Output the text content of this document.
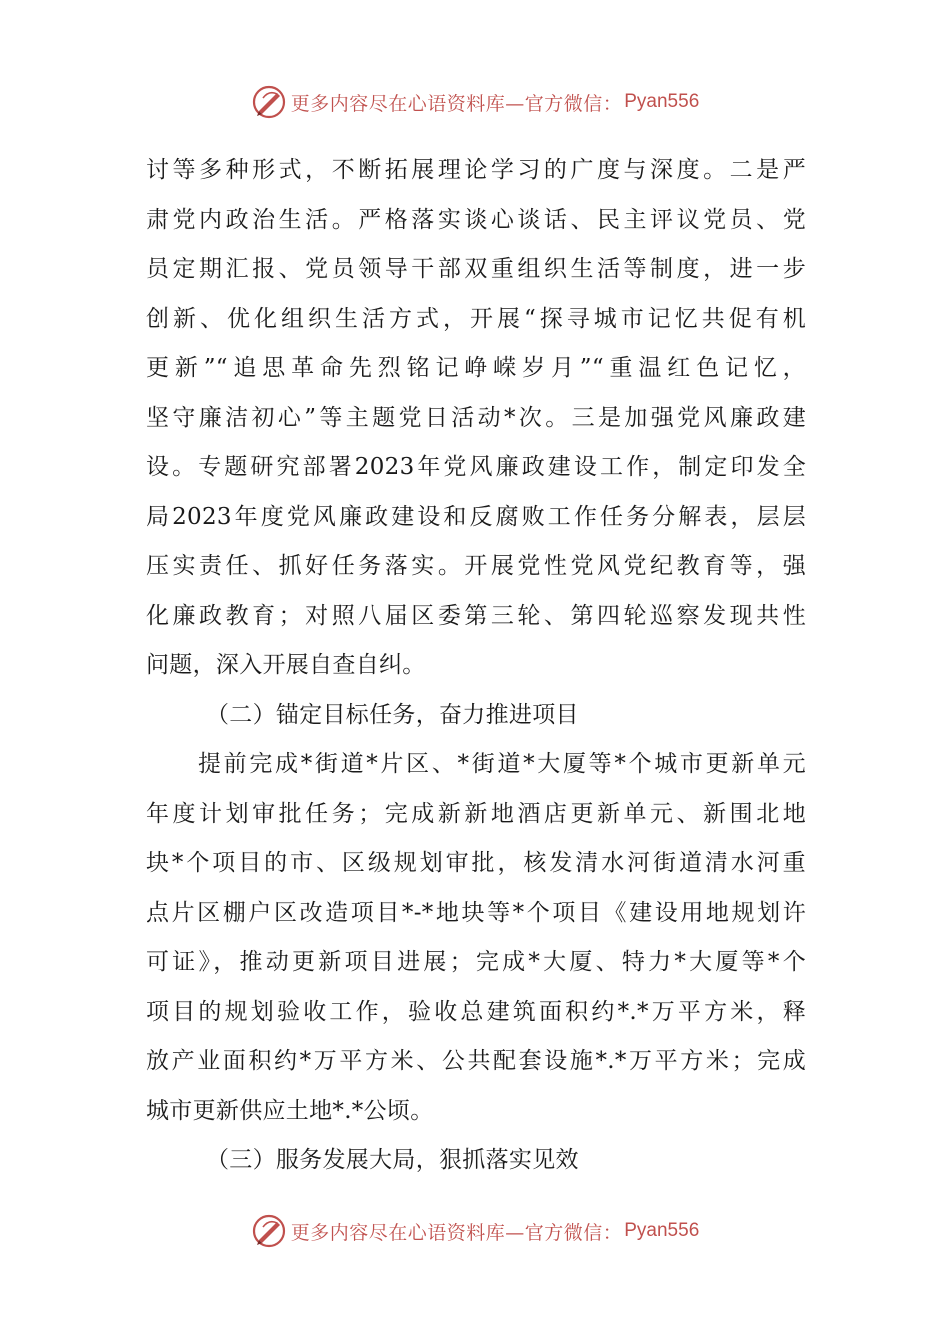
更多内容尽在心语资料库—官方微信： Pyan556
讨等多种形式，不断拓展理论学习的广度与深度。二是严
肃党内政治生活。严格落实谈心谈话、民主评议党员、党
员定期汇报、党员领导干部双重组织生活等制度，进一步
创新、优化组织生活方式，开展“探寻城市记忆共促有机
更新”“追思革命先烈铭记峥嵘岁月”“重温红色记忆，
坚守廉洁初心”等主题党日活动*次。三是加强党风廉政建
设。专题研究部署2023年党风廉政建设工作，制定印发全
局2023年度党风廉政建设和反腐败工作任务分解表，层层
压实责任、抓好任务落实。开展党性党风党纪教育等，强
化廉政教育；对照八届区委第三轮、第四轮巡察发现共性
问题，深入开展自查自纠。
（二）锚定目标任务，奋力推进项目
提前完成*街道*片区、*街道*大厦等*个城市更新单元
年度计划审批任务；完成新新地酒店更新单元、新围北地
块*个项目的市、区级规划审批，核发清水河街道清水河重
点片区棚户区改造项目*-*地块等*个项目《建设用地规划许
可证》，推动更新项目进展；完成*大厦、特力*大厦等*个
项目的规划验收工作，验收总建筑面积约*.*万平方米，释
放产业面积约*万平方米、公共配套设施*.*万平方米；完成
城市更新供应土地*.*公顷。
（三）服务发展大局，狠抓落实见效
更多内容尽在心语资料库—官方微信： Pyan556
